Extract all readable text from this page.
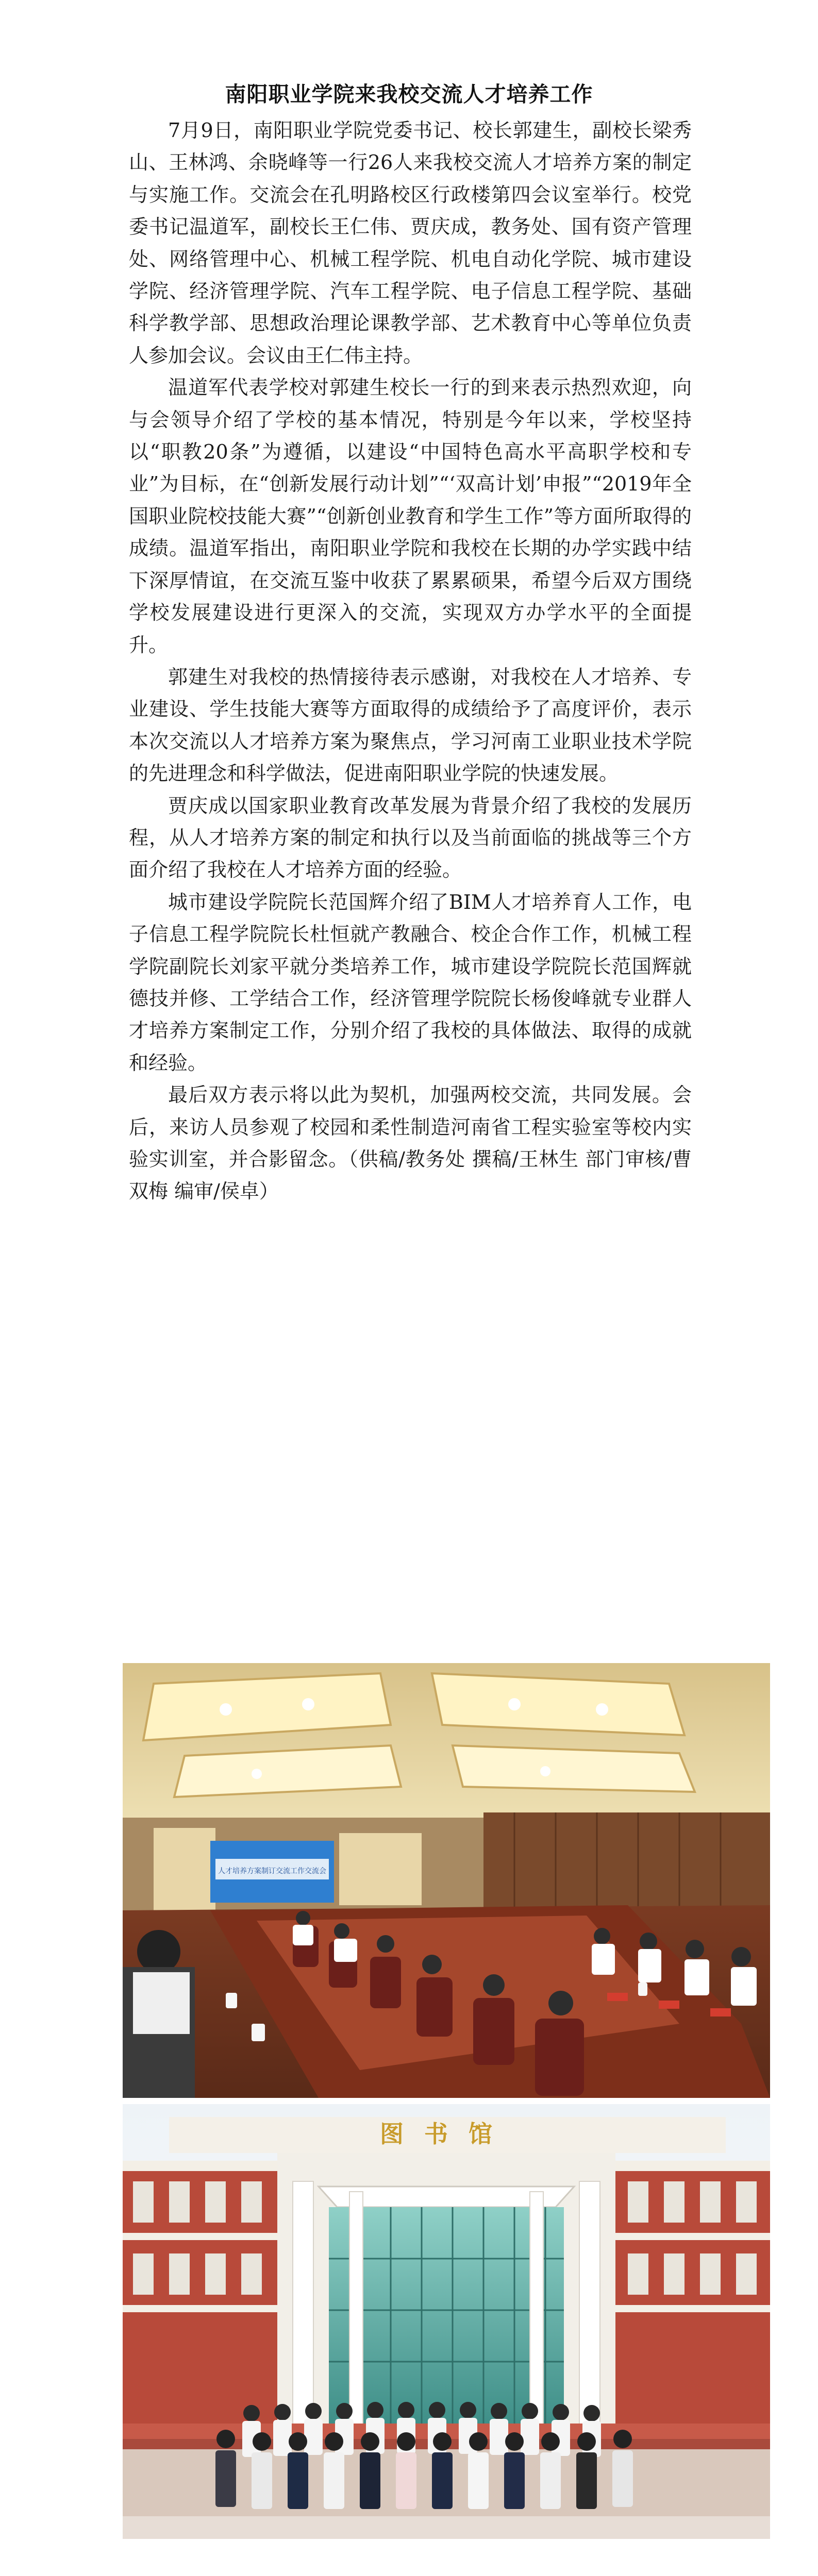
南阳职业学院来我校交流人才培养工作

7月9日，南阳职业学院党委书记、校长郭建生，副校长梁秀山、王林鸿、余晓峰等一行26人来我校交流人才培养方案的制定与实施工作。交流会在孔明路校区行政楼第四会议室举行。校党委书记温道军，副校长王仁伟、贾庆成，教务处、国有资产管理处、网络管理中心、机械工程学院、机电自动化学院、城市建设学院、经济管理学院、汽车工程学院、电子信息工程学院、基础科学教学部、思想政治理论课教学部、艺术教育中心等单位负责人参加会议。会议由王仁伟主持。

温道军代表学校对郭建生校长一行的到来表示热烈欢迎，向与会领导介绍了学校的基本情况，特别是今年以来，学校坚持以“职教20条”为遵循，以建设“中国特色高水平高职学校和专业”为目标，在“创新发展行动计划”“‘双高计划’申报”“2019年全国职业院校技能大赛”“创新创业教育和学生工作”等方面所取得的成绩。温道军指出，南阳职业学院和我校在长期的办学实践中结下深厚情谊，在交流互鉴中收获了累累硕果，希望今后双方围绕学校发展建设进行更深入的交流，实现双方办学水平的全面提升。

郭建生对我校的热情接待表示感谢，对我校在人才培养、专业建设、学生技能大赛等方面取得的成绩给予了高度评价，表示本次交流以人才培养方案为聚焦点，学习河南工业职业技术学院的先进理念和科学做法，促进南阳职业学院的快速发展。

贾庆成以国家职业教育改革发展为背景介绍了我校的发展历程，从人才培养方案的制定和执行以及当前面临的挑战等三个方面介绍了我校在人才培养方面的经验。

城市建设学院院长范国辉介绍了BIM人才培养育人工作，电子信息工程学院院长杜恒就产教融合、校企合作工作，机械工程学院副院长刘家平就分类培养工作，城市建设学院院长范国辉就德技并修、工学结合工作，经济管理学院院长杨俊峰就专业群人才培养方案制定工作，分别介绍了我校的具体做法、取得的成就和经验。

最后双方表示将以此为契机，加强两校交流，共同发展。会后，来访人员参观了校园和柔性制造河南省工程实验室等校内实验实训室，并合影留念。（供稿/教务处 撰稿/王林生 部门审核/曹双梅 编审/侯卓）

人才培养方案制订交流工作交流会
图书馆
